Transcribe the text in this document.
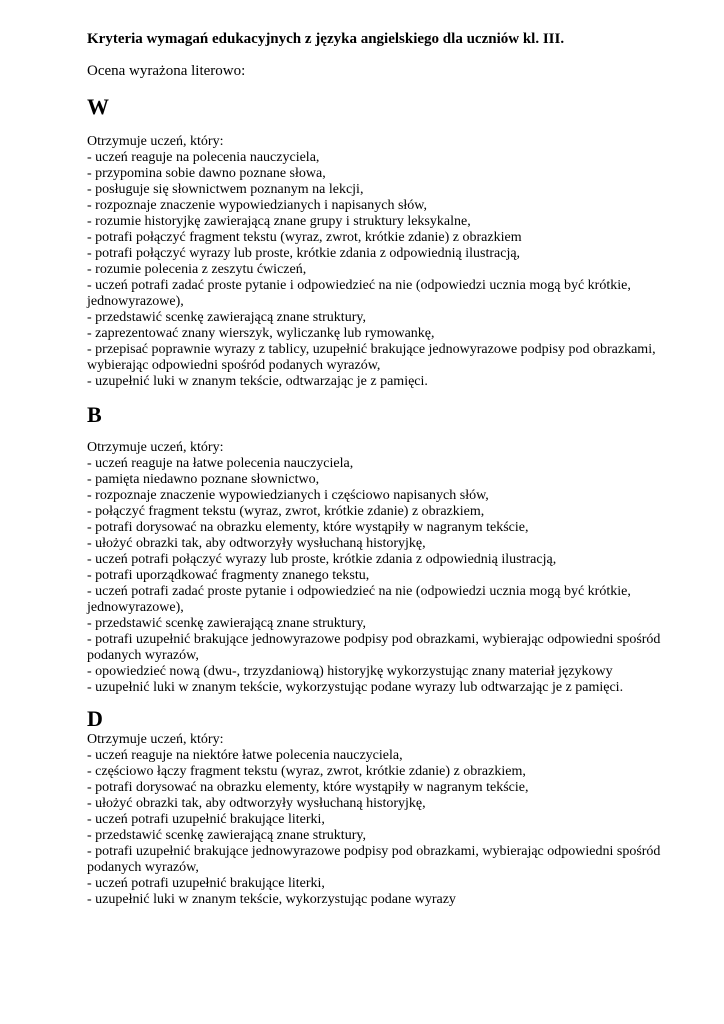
Kryteria wymagań edukacyjnych z języka angielskiego dla uczniów kl. III.

Ocena wyrażona literowo:

W

Otrzymuje uczeń, który:

- uczeń reaguje na polecenia nauczyciela,
- przypomina sobie dawno poznane słowa,
- posługuje się słownictwem poznanym na lekcji,
- rozpoznaje znaczenie wypowiedzianych i napisanych słów,
- rozumie historyjkę zawierającą znane grupy i struktury leksykalne,
- potrafi połączyć fragment tekstu (wyraz, zwrot, krótkie zdanie) z obrazkiem
- potrafi połączyć wyrazy lub proste, krótkie zdania z odpowiednią ilustracją,
- rozumie polecenia z zeszytu ćwiczeń,
- uczeń potrafi zadać proste pytanie i odpowiedzieć na nie (odpowiedzi ucznia mogą być krótkie, jednowyrazowe),
- przedstawić scenkę zawierającą znane struktury,
- zaprezentować znany wierszyk, wyliczankę lub rymowankę,
- przepisać poprawnie wyrazy z tablicy, uzupełnić brakujące jednowyrazowe podpisy pod obrazkami, wybierając odpowiedni spośród podanych wyrazów,
- uzupełnić luki w znanym tekście, odtwarzając je z pamięci.
B

Otrzymuje uczeń, który:

- uczeń reaguje na łatwe polecenia nauczyciela,
- pamięta niedawno poznane słownictwo,
- rozpoznaje znaczenie wypowiedzianych i częściowo napisanych słów,
- połączyć fragment tekstu (wyraz, zwrot, krótkie zdanie) z obrazkiem,
- potrafi dorysować na obrazku elementy, które wystąpiły w nagranym tekście,
- ułożyć obrazki tak, aby odtworzyły wysłuchaną historyjkę,
- uczeń potrafi połączyć wyrazy lub proste, krótkie zdania z odpowiednią ilustracją,
- potrafi uporządkować fragmenty znanego tekstu,
- uczeń potrafi zadać proste pytanie i odpowiedzieć na nie (odpowiedzi ucznia mogą być krótkie, jednowyrazowe),
- przedstawić scenkę zawierającą znane struktury,
- potrafi uzupełnić brakujące jednowyrazowe podpisy pod obrazkami, wybierając odpowiedni spośród podanych wyrazów,
- opowiedzieć nową (dwu-, trzyzdaniową) historyjkę wykorzystując znany materiał językowy
- uzupełnić luki w znanym tekście, wykorzystując podane wyrazy lub odtwarzając je z pamięci.
D

Otrzymuje uczeń, który:

- uczeń reaguje na niektóre łatwe polecenia nauczyciela,
- częściowo łączy fragment tekstu (wyraz, zwrot, krótkie zdanie) z obrazkiem,
- potrafi dorysować na obrazku elementy, które wystąpiły w nagranym tekście,
- ułożyć obrazki tak, aby odtworzyły wysłuchaną historyjkę,
- uczeń potrafi uzupełnić brakujące literki,
- przedstawić scenkę zawierającą znane struktury,
- potrafi uzupełnić brakujące jednowyrazowe podpisy pod obrazkami, wybierając odpowiedni spośród podanych wyrazów,
- uczeń potrafi uzupełnić brakujące literki,
- uzupełnić luki w znanym tekście, wykorzystując podane wyrazy
